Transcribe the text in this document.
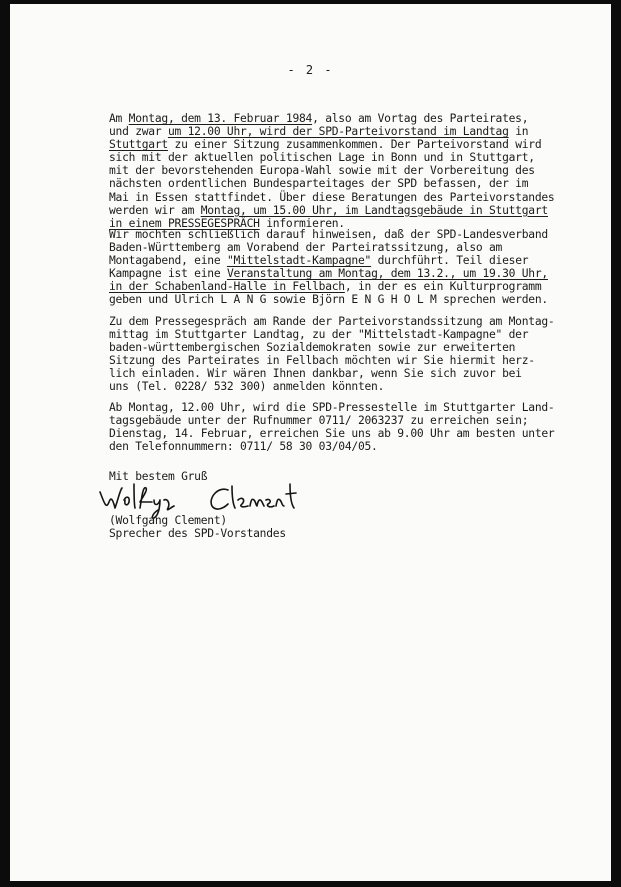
- 2 -
Am Montag, dem 13. Februar 1984, also am Vortag des Parteirates,
und zwar um 12.00 Uhr, wird der SPD-Parteivorstand im Landtag in
Stuttgart zu einer Sitzung zusammenkommen. Der Parteivorstand wird
sich mit der aktuellen politischen Lage in Bonn und in Stuttgart,
mit der bevorstehenden Europa-Wahl sowie mit der Vorbereitung des
nächsten ordentlichen Bundesparteitages der SPD befassen, der im
Mai in Essen stattfindet. Über diese Beratungen des Parteivorstandes
werden wir am Montag, um 15.00 Uhr, im Landtagsgebäude in Stuttgart
in einem PRESSEGESPRÄCH informieren.
Wir möchten schließlich darauf hinweisen, daß der SPD-Landesverband
Baden-Württemberg am Vorabend der Parteiratssitzung, also am
Montagabend, eine "Mittelstadt-Kampagne" durchführt. Teil dieser
Kampagne ist eine Veranstaltung am Montag, dem 13.2., um 19.30 Uhr,
in der Schabenland-Halle in Fellbach, in der es ein Kulturprogramm
geben und Ulrich L A N G sowie Björn E N G H O L M sprechen werden.
Zu dem Pressegespräch am Rande der Parteivorstandssitzung am Montag-
mittag im Stuttgarter Landtag, zu der "Mittelstadt-Kampagne" der
baden-württembergischen Sozialdemokraten sowie zur erweiterten
Sitzung des Parteirates in Fellbach möchten wir Sie hiermit herz-
lich einladen. Wir wären Ihnen dankbar, wenn Sie sich zuvor bei
uns (Tel. 0228/ 532 300) anmelden könnten.
Ab Montag, 12.00 Uhr, wird die SPD-Pressestelle im Stuttgarter Land-
tagsgebäude unter der Rufnummer 0711/ 2063237 zu erreichen sein;
Dienstag, 14. Februar, erreichen Sie uns ab 9.00 Uhr am besten unter
den Telefonnummern: 0711/ 58 30 03/04/05.
Mit bestem Gruß
(Wolfgang Clement)
Sprecher des SPD-Vorstandes
